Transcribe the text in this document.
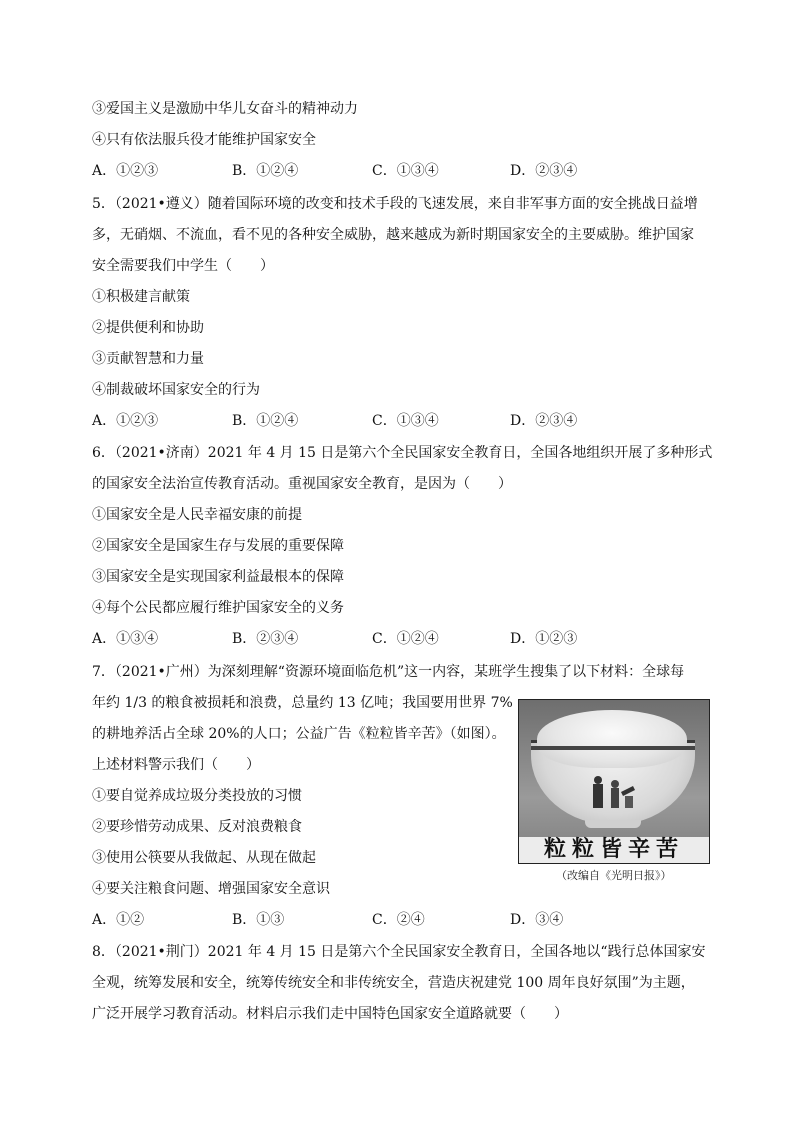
③爱国主义是激励中华儿女奋斗的精神动力
④只有依法服兵役才能维护国家安全
A．①②③	B．①②④	C．①③④	D．②③④
5．（2021•遵义）随着国际环境的改变和技术手段的飞速发展，来自非军事方面的安全挑战日益增
多，无硝烟、不流血，看不见的各种安全威胁，越来越成为新时期国家安全的主要威胁。维护国家
安全需要我们中学生（　　）
①积极建言献策
②提供便利和协助
③贡献智慧和力量
④制裁破坏国家安全的行为
A．①②③	B．①②④	C．①③④	D．②③④
6．（2021•济南）2021 年 4 月 15 日是第六个全民国家安全教育日，全国各地组织开展了多种形式
的国家安全法治宣传教育活动。重视国家安全教育，是因为（　　）
①国家安全是人民幸福安康的前提
②国家安全是国家生存与发展的重要保障
③国家安全是实现国家利益最根本的保障
④每个公民都应履行维护国家安全的义务
A．①③④	B．②③④	C．①②④	D．①②③
7．（2021•广州）为深刻理解“资源环境面临危机”这一内容，某班学生搜集了以下材料：全球每
年约 1/3 的粮食被损耗和浪费，总量约 13 亿吨；我国要用世界 7%
的耕地养活占全球 20%的人口；公益广告《粒粒皆辛苦》（如图）。
上述材料警示我们（　　）
①要自觉养成垃圾分类投放的习惯
②要珍惜劳动成果、反对浪费粮食
③使用公筷要从我做起、从现在做起
④要关注粮食问题、增强国家安全意识
A．①②	B．①③	C．②④	D．③④
8．（2021•荆门）2021 年 4 月 15 日是第六个全民国家安全教育日，全国各地以“践行总体国家安
全观，统筹发展和安全，统筹传统安全和非传统安全，营造庆祝建党 100 周年良好氛围”为主题，
广泛开展学习教育活动。材料启示我们走中国特色国家安全道路就要（　　）
粒粒皆辛苦
（改编自《光明日报》）
